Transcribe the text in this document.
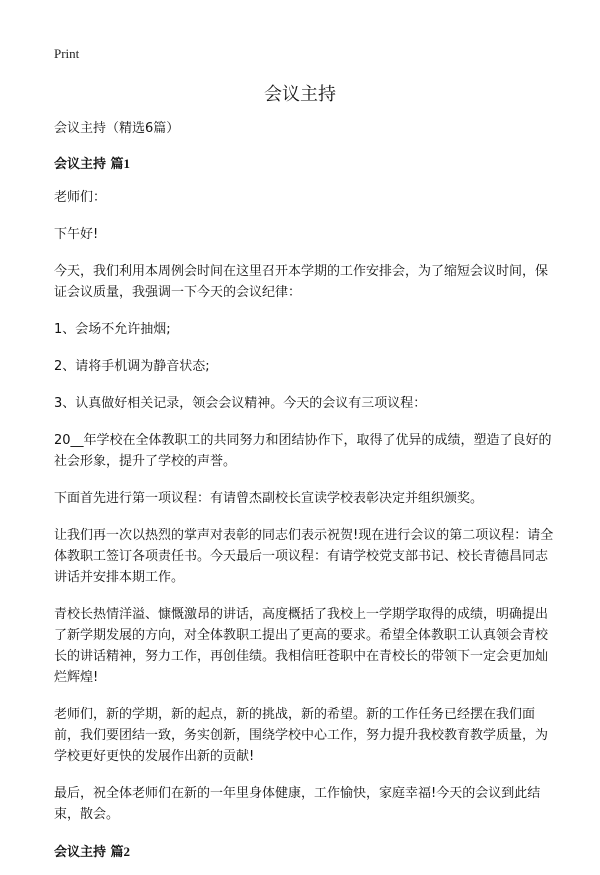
Print
会议主持

会议主持（精选6篇）

会议主持 篇1

老师们：

下午好!

今天，我们利用本周例会时间在这里召开本学期的工作安排会，为了缩短会议时间，保证会议质量，我强调一下今天的会议纪律：

1、会场不允许抽烟;

2、请将手机调为静音状态;

3、认真做好相关记录，领会会议精神。今天的会议有三项议程：

20__年学校在全体教职工的共同努力和团结协作下，取得了优异的成绩，塑造了良好的社会形象，提升了学校的声誉。

下面首先进行第一项议程：有请曾杰副校长宣读学校表彰决定并组织颁奖。

让我们再一次以热烈的掌声对表彰的同志们表示祝贺!现在进行会议的第二项议程：请全体教职工签订各项责任书。今天最后一项议程：有请学校党支部书记、校长青德昌同志讲话并安排本期工作。

青校长热情洋溢、慷慨激昂的讲话，高度概括了我校上一学期学取得的成绩，明确提出了新学期发展的方向，对全体教职工提出了更高的要求。希望全体教职工认真领会青校长的讲话精神，努力工作，再创佳绩。我相信旺苍职中在青校长的带领下一定会更加灿烂辉煌!

老师们，新的学期，新的起点，新的挑战，新的希望。新的工作任务已经摆在我们面前，我们要团结一致，务实创新，围绕学校中心工作，努力提升我校教育教学质量，为学校更好更快的发展作出新的贡献!

最后，祝全体老师们在新的一年里身体健康，工作愉快，家庭幸福!今天的会议到此结束，散会。

会议主持 篇2
